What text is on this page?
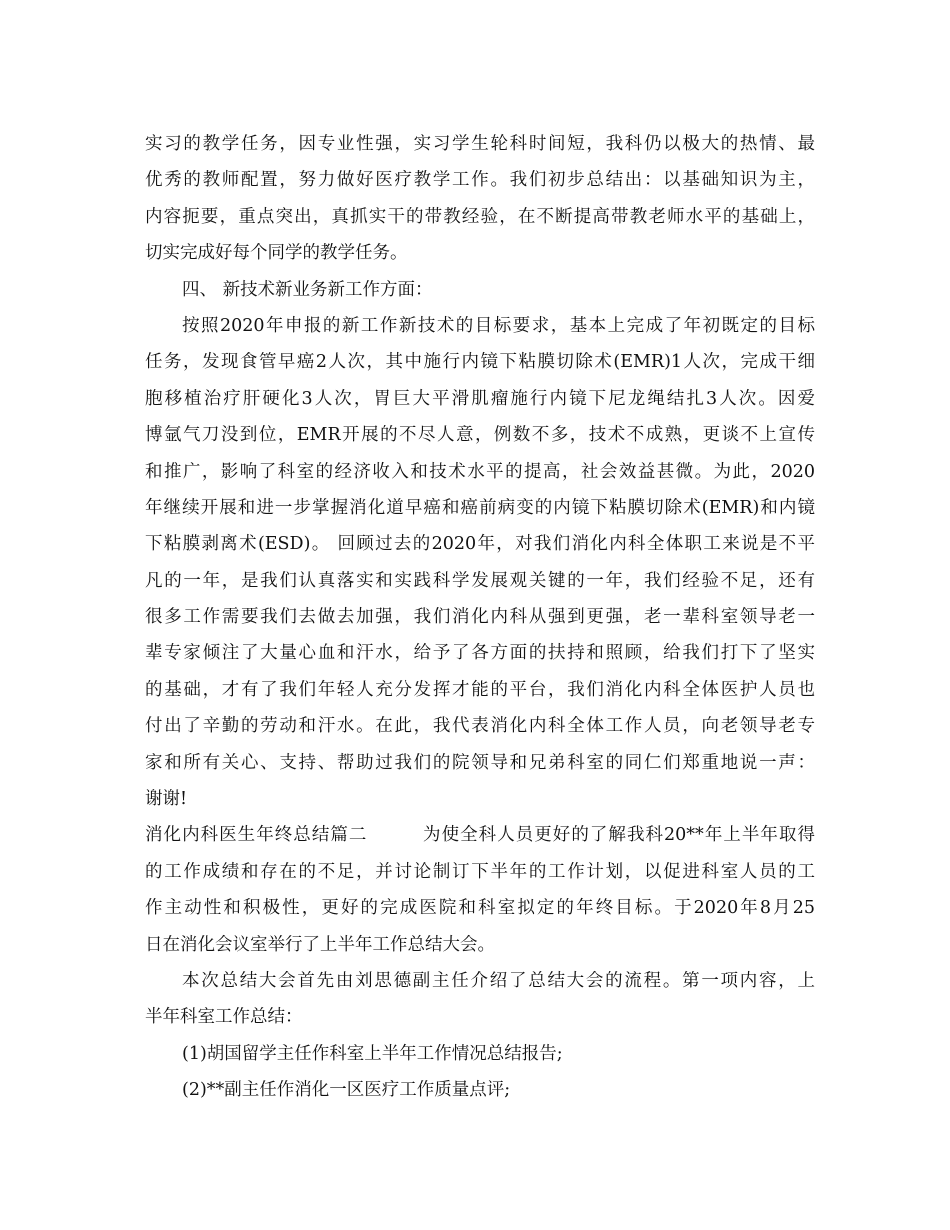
实习的教学任务，因专业性强，实习学生轮科时间短，我科仍以极大的热情、最
优秀的教师配置，努力做好医疗教学工作。我们初步总结出：以基础知识为主，
内容扼要，重点突出，真抓实干的带教经验，在不断提高带教老师水平的基础上，
切实完成好每个同学的教学任务。
四、 新技术新业务新工作方面：
按照2020年申报的新工作新技术的目标要求，基本上完成了年初既定的目标
任务，发现食管早癌2人次，其中施行内镜下粘膜切除术(EMR)1人次，完成干细
胞移植治疗肝硬化3人次，胃巨大平滑肌瘤施行内镜下尼龙绳结扎3人次。因爱
博氩气刀没到位，EMR开展的不尽人意，例数不多，技术不成熟，更谈不上宣传
和推广，影响了科室的经济收入和技术水平的提高，社会效益甚微。为此，2020
年继续开展和进一步掌握消化道早癌和癌前病变的内镜下粘膜切除术(EMR)和内镜
下粘膜剥离术(ESD)。 回顾过去的2020年，对我们消化内科全体职工来说是不平
凡的一年，是我们认真落实和实践科学发展观关键的一年，我们经验不足，还有
很多工作需要我们去做去加强，我们消化内科从强到更强，老一辈科室领导老一
辈专家倾注了大量心血和汗水，给予了各方面的扶持和照顾，给我们打下了坚实
的基础，才有了我们年轻人充分发挥才能的平台，我们消化内科全体医护人员也
付出了辛勤的劳动和汗水。在此，我代表消化内科全体工作人员，向老领导老专
家和所有关心、支持、帮助过我们的院领导和兄弟科室的同仁们郑重地说一声：
谢谢!
消化内科医生年终总结篇二　　　为使全科人员更好的了解我科20**年上半年取得
的工作成绩和存在的不足，并讨论制订下半年的工作计划，以促进科室人员的工
作主动性和积极性，更好的完成医院和科室拟定的年终目标。于2020年8月25
日在消化会议室举行了上半年工作总结大会。
本次总结大会首先由刘思德副主任介绍了总结大会的流程。第一项内容，上
半年科室工作总结：
(1)胡国留学主任作科室上半年工作情况总结报告;
(2)**副主任作消化一区医疗工作质量点评;
